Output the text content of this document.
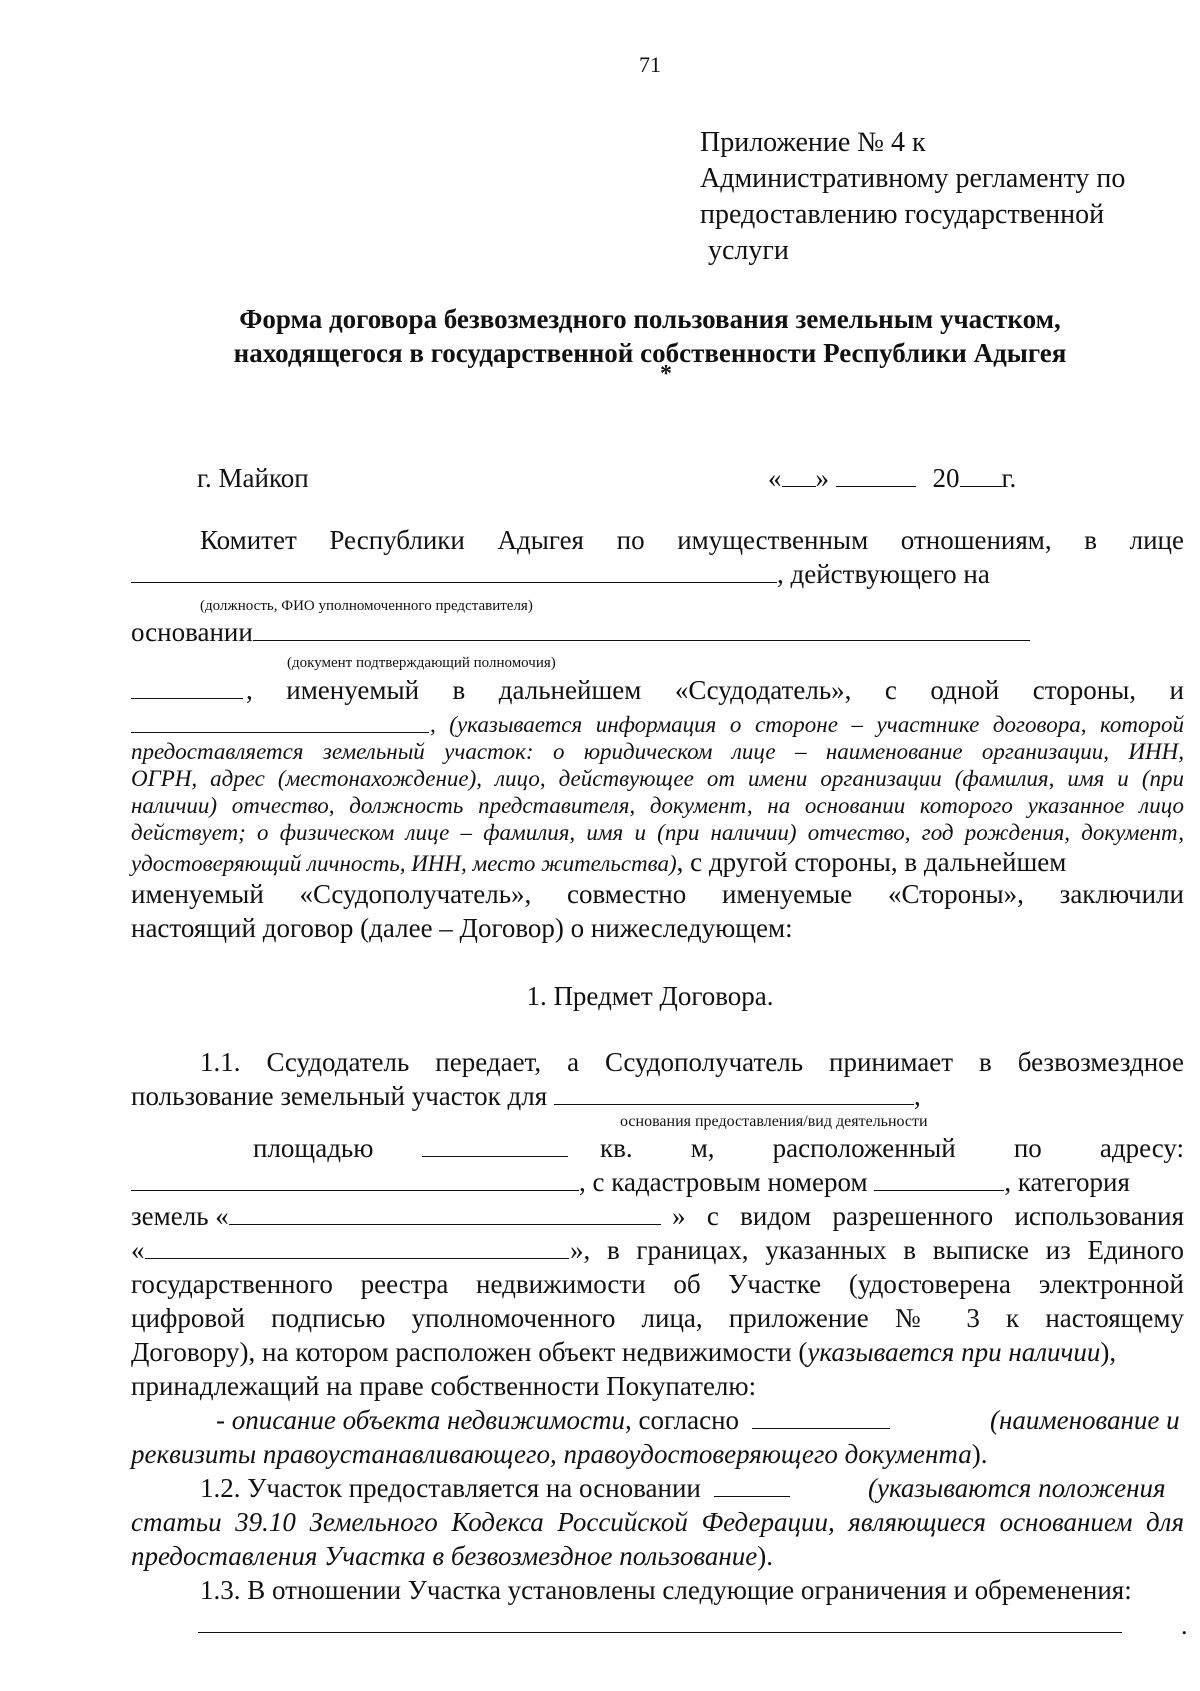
71
Приложение № 4 к
Административному регламенту по
предоставлению государственной
услуги
Форма договора безвозмездного пользования земельным участком,
находящегося в государственной собственности Республики Адыгея
*
г. Майкоп	« »	20 г.
Комитет Республики Адыгея по имущественным отношениям, в лице
, действующего на
(должность, ФИО уполномоченного представителя)
основании
(документ подтверждающий полномочия)
, именуемый в дальнейшем «Ссудодатель», с одной стороны, и
, (указывается информация о стороне – участнике договора, которой
предоставляется земельный участок: о юридическом лице – наименование организации, ИНН,
ОГРН, адрес (местонахождение), лицо, действующее от имени организации (фамилия, имя и (при
наличии) отчество, должность представителя, документ, на основании которого указанное лицо
действует; о физическом лице – фамилия, имя и (при наличии) отчество, год рождения, документ,
удостоверяющий личность, ИНН, место жительства), с другой стороны, в дальнейшем
именуемый «Ссудополучатель», совместно именуемые «Стороны», заключили
настоящий договор (далее – Договор) о нижеследующем:
1. Предмет Договора.
1.1. Ссудодатель передает, а Ссудополучатель принимает в безвозмездное
пользование земельный участок для	,
основания предоставления/вид деятельности
площадью	кв. м, расположенный по адресу:
, с кадастровым номером	, категория
земель «	» с видом разрешенного использования
«	», в границах, указанных в выписке из Единого
государственного реестра недвижимости об Участке (удостоверена электронной
цифровой подписью уполномоченного лица, приложение № 3 к настоящему
Договору), на котором расположен объект недвижимости (указывается при наличии),
принадлежащий на праве собственности Покупателю:
- описание объекта недвижимости, согласно	(наименование и
реквизиты правоустанавливающего, правоудостоверяющего документа).
1.2. Участок предоставляется на основании	(указываются положения
статьи 39.10 Земельного Кодекса Российской Федерации, являющиеся основанием для
предоставления Участка в безвозмездное пользование).
1.3. В отношении Участка установлены следующие ограничения и обременения:
.
